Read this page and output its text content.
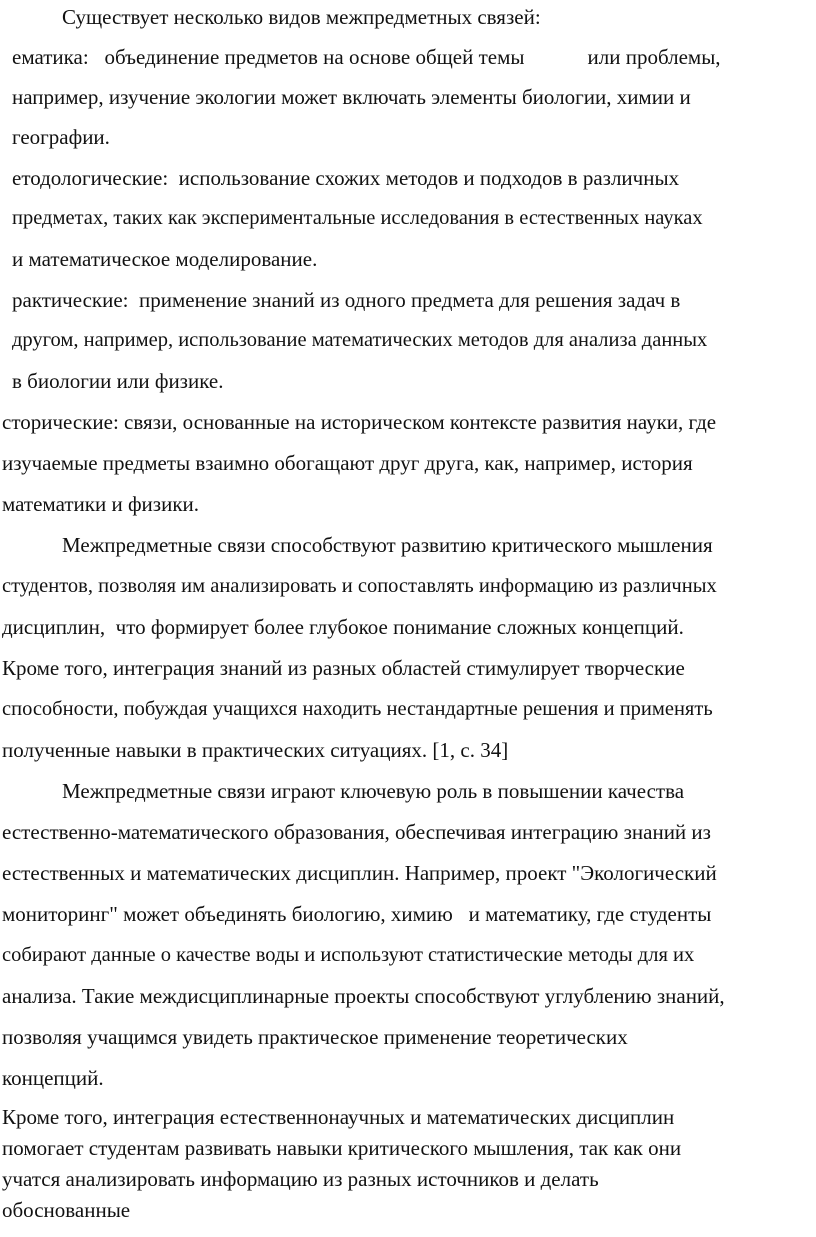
Существует несколько видов межпредметных связей:
ематика:   объединение предметов на основе общей темы            или проблемы,
например, изучение экологии может включать элементы биологии, химии и
географии.
етодологические:  использование схожих методов и подходов в различных
предметах, таких как экспериментальные исследования в естественных науках
и математическое моделирование.
рактические:  применение знаний из одного предмета для решения задач в
другом, например, использование математических методов для анализа данных
в биологии или физике.
сторические: связи, основанные на историческом контексте развития науки, где
изучаемые предметы взаимно обогащают друг друга, как, например, история
математики и физики.
Межпредметные связи способствуют развитию критического мышления
студентов, позволяя им анализировать и сопоставлять информацию из различных
дисциплин,  что формирует более глубокое понимание сложных концепций.
Кроме того, интеграция знаний из разных областей стимулирует творческие
способности, побуждая учащихся находить нестандартные решения и применять
полученные навыки в практических ситуациях. [1, с. 34]
Межпредметные связи играют ключевую роль в повышении качества
естественно-математического образования, обеспечивая интеграцию знаний из
естественных и математических дисциплин. Например, проект "Экологический
мониторинг" может объединять биологию, химию   и математику, где студенты
собирают данные о качестве воды и используют статистические методы для их
анализа. Такие междисциплинарные проекты способствуют углублению знаний,
позволяя учащимся увидеть практическое применение теоретических
концепций.
Кроме того, интеграция естественнонаучных и математических дисциплин
помогает студентам развивать навыки критического мышления, так как они
учатся анализировать информацию из разных источников и делать
обоснованные
